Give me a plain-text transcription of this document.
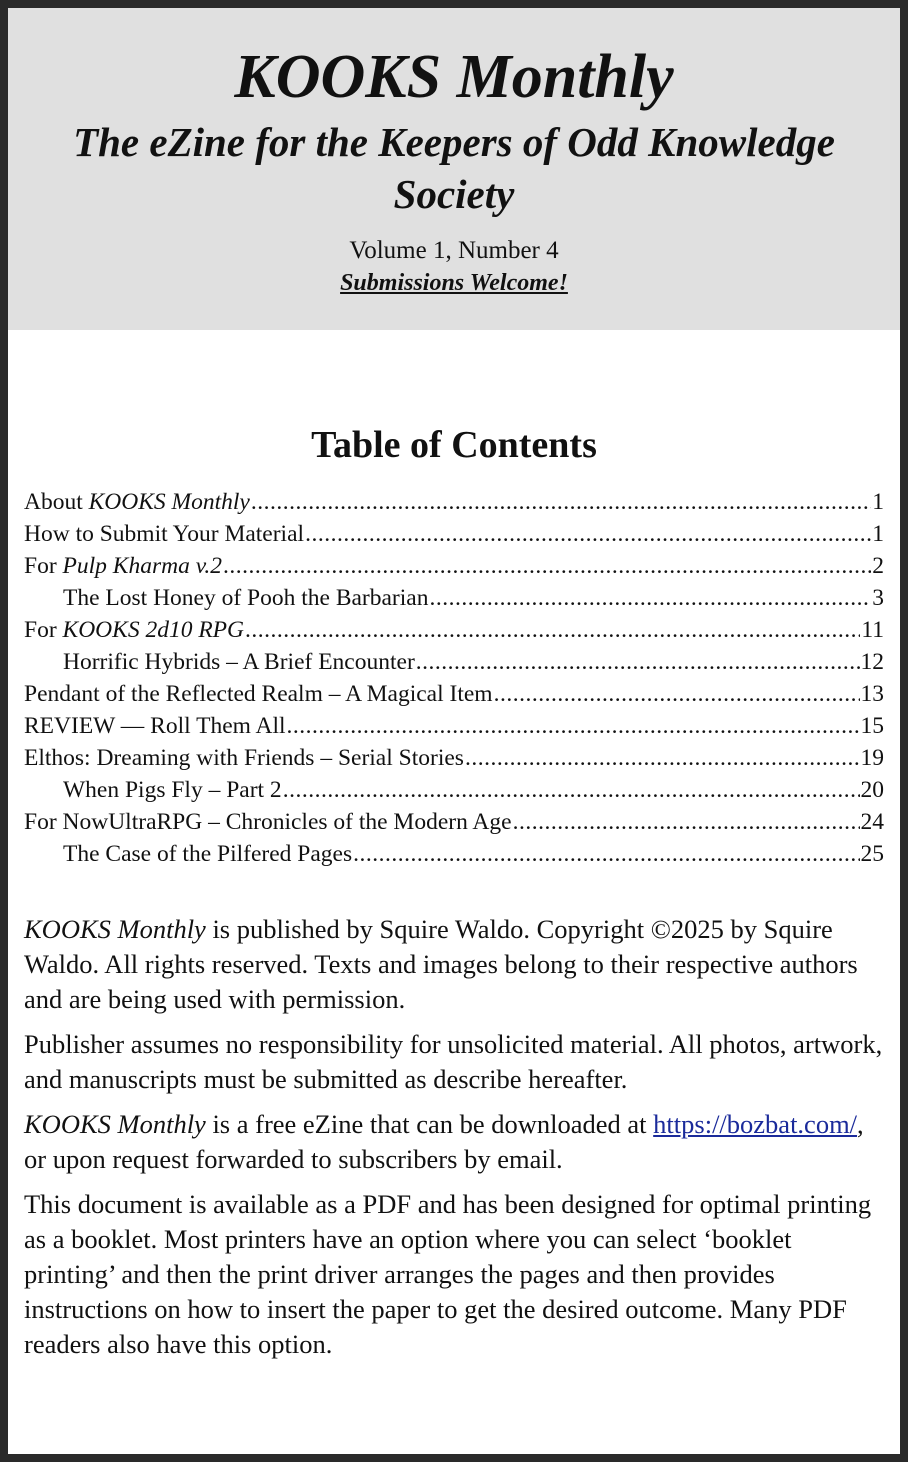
KOOKS Monthly
The eZine for the Keepers of Odd Knowledge Society
Volume 1, Number 4
Submissions Welcome!
Table of Contents
About KOOKS Monthly .....	1
How to Submit Your Material .....	1
For Pulp Kharma v.2 .....	2
The Lost Honey of Pooh the Barbarian .....	3
For KOOKS 2d10 RPG .....	11
Horrific Hybrids – A Brief Encounter .....	12
Pendant of the Reflected Realm – A Magical Item .....	13
REVIEW — Roll Them All .....	15
Elthos: Dreaming with Friends – Serial Stories .....	19
When Pigs Fly – Part 2 .....	20
For NowUltraRPG – Chronicles of the Modern Age .....	24
The Case of the Pilfered Pages .....	25

KOOKS Monthly is published by Squire Waldo. Copyright ©2025 by Squire Waldo. All rights reserved. Texts and images belong to their respective authors and are being used with permission.

Publisher assumes no responsibility for unsolicited material. All photos, artwork, and manuscripts must be submitted as describe hereafter.

KOOKS Monthly is a free eZine that can be downloaded at https://bozbat.com/, or upon request forwarded to subscribers by email.

This document is available as a PDF and has been designed for optimal printing as a booklet. Most printers have an option where you can select ‘booklet printing’ and then the print driver arranges the pages and then provides instructions on how to insert the paper to get the desired outcome. Many PDF readers also have this option.
